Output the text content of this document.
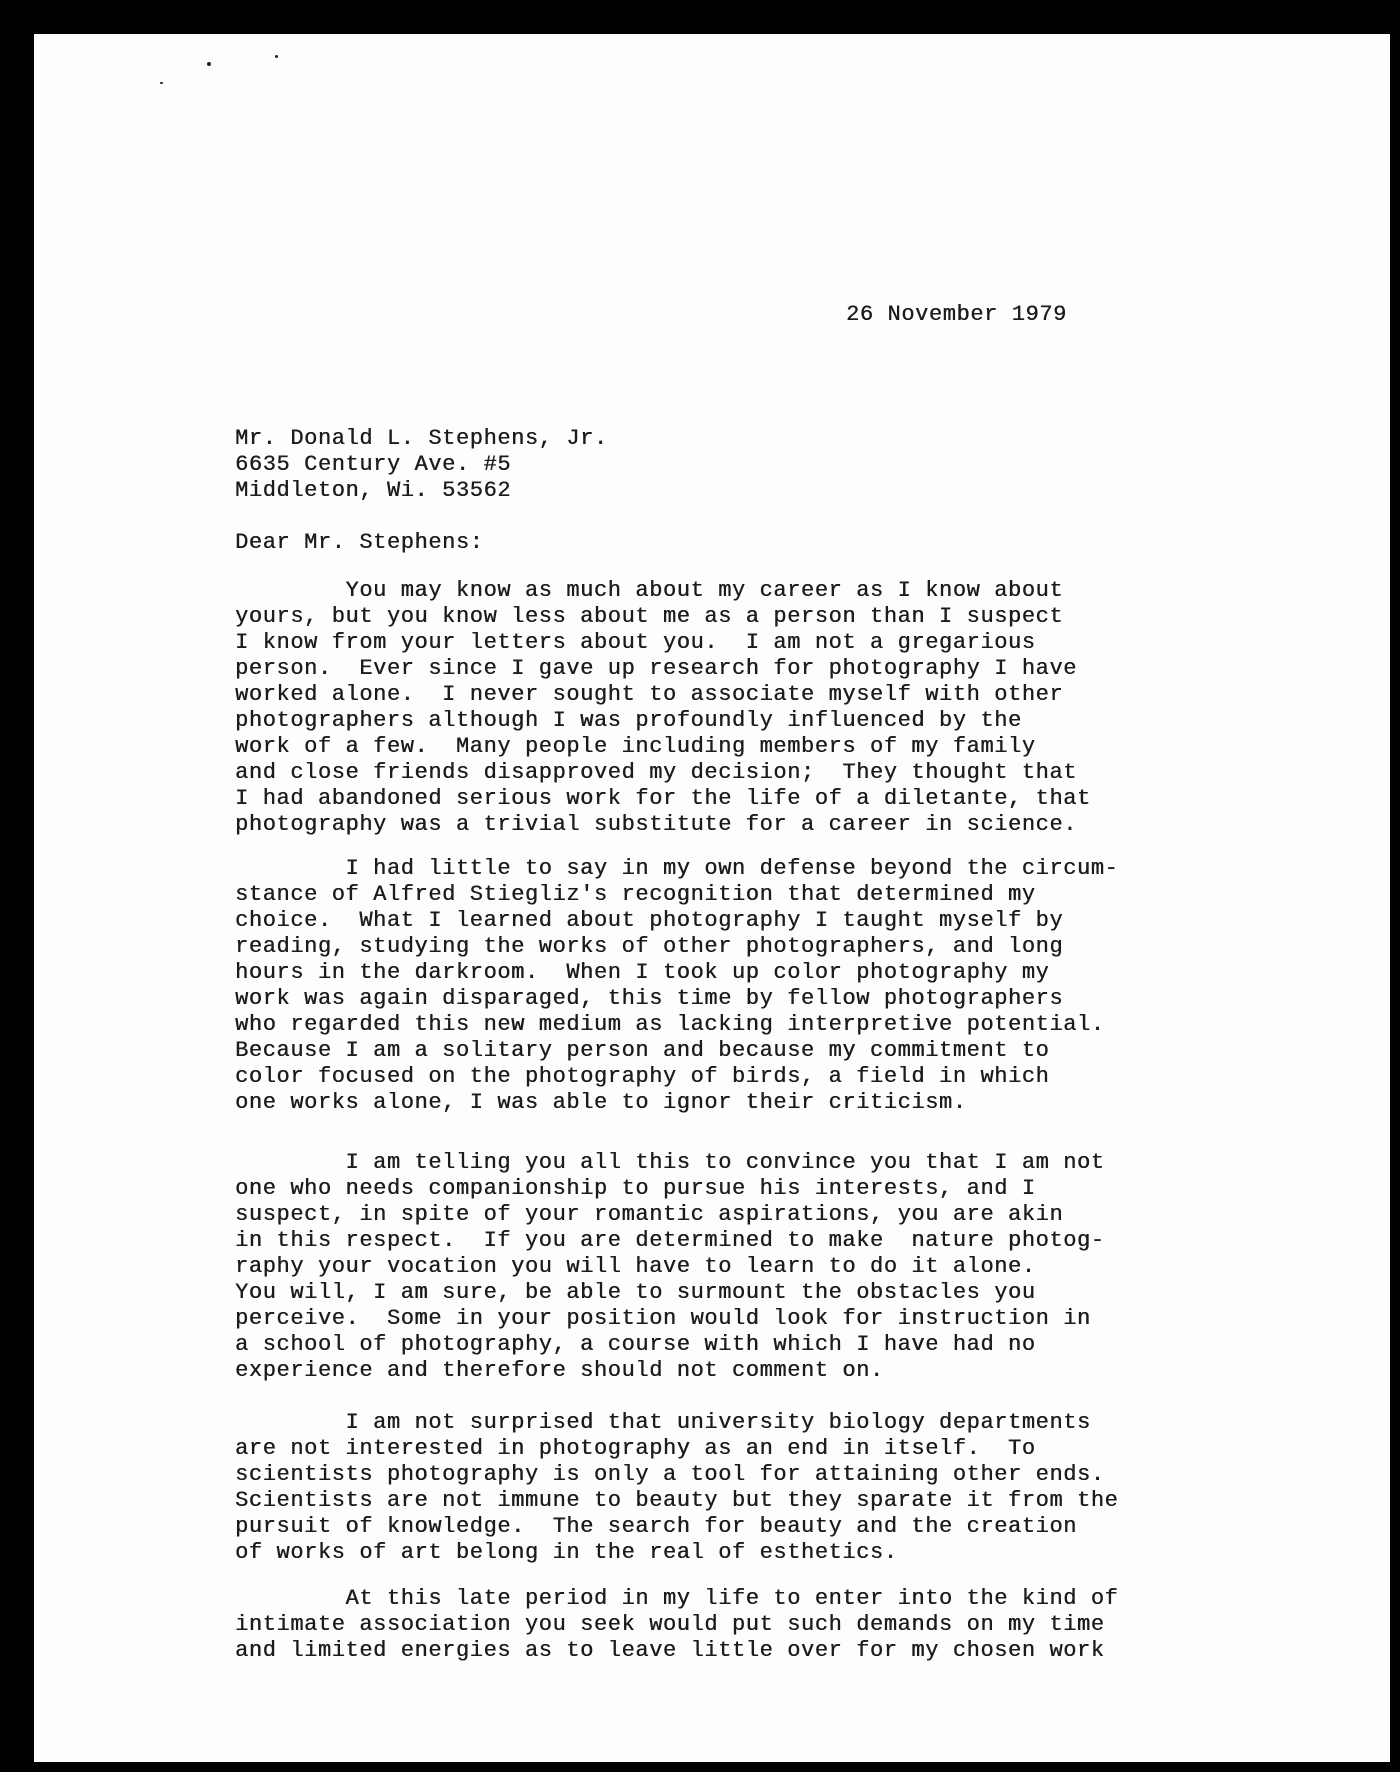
26 November 1979
Mr. Donald L. Stephens, Jr.
6635 Century Ave. #5
Middleton, Wi. 53562
Dear Mr. Stephens:
You may know as much about my career as I know about
yours, but you know less about me as a person than I suspect
I know from your letters about you.  I am not a gregarious
person.  Ever since I gave up research for photography I have
worked alone.  I never sought to associate myself with other
photographers although I was profoundly influenced by the
work of a few.  Many people including members of my family
and close friends disapproved my decision;  They thought that
I had abandoned serious work for the life of a diletante, that
photography was a trivial substitute for a career in science.
I had little to say in my own defense beyond the circum-
stance of Alfred Stiegliz's recognition that determined my
choice.  What I learned about photography I taught myself by
reading, studying the works of other photographers, and long
hours in the darkroom.  When I took up color photography my
work was again disparaged, this time by fellow photographers
who regarded this new medium as lacking interpretive potential.
Because I am a solitary person and because my commitment to
color focused on the photography of birds, a field in which
one works alone, I was able to ignor their criticism.
I am telling you all this to convince you that I am not
one who needs companionship to pursue his interests, and I
suspect, in spite of your romantic aspirations, you are akin
in this respect.  If you are determined to make  nature photog-
raphy your vocation you will have to learn to do it alone.
You will, I am sure, be able to surmount the obstacles you
perceive.  Some in your position would look for instruction in
a school of photography, a course with which I have had no
experience and therefore should not comment on.
I am not surprised that university biology departments
are not interested in photography as an end in itself.  To
scientists photography is only a tool for attaining other ends.
Scientists are not immune to beauty but they sparate it from the
pursuit of knowledge.  The search for beauty and the creation
of works of art belong in the real of esthetics.
At this late period in my life to enter into the kind of
intimate association you seek would put such demands on my time
and limited energies as to leave little over for my chosen work
